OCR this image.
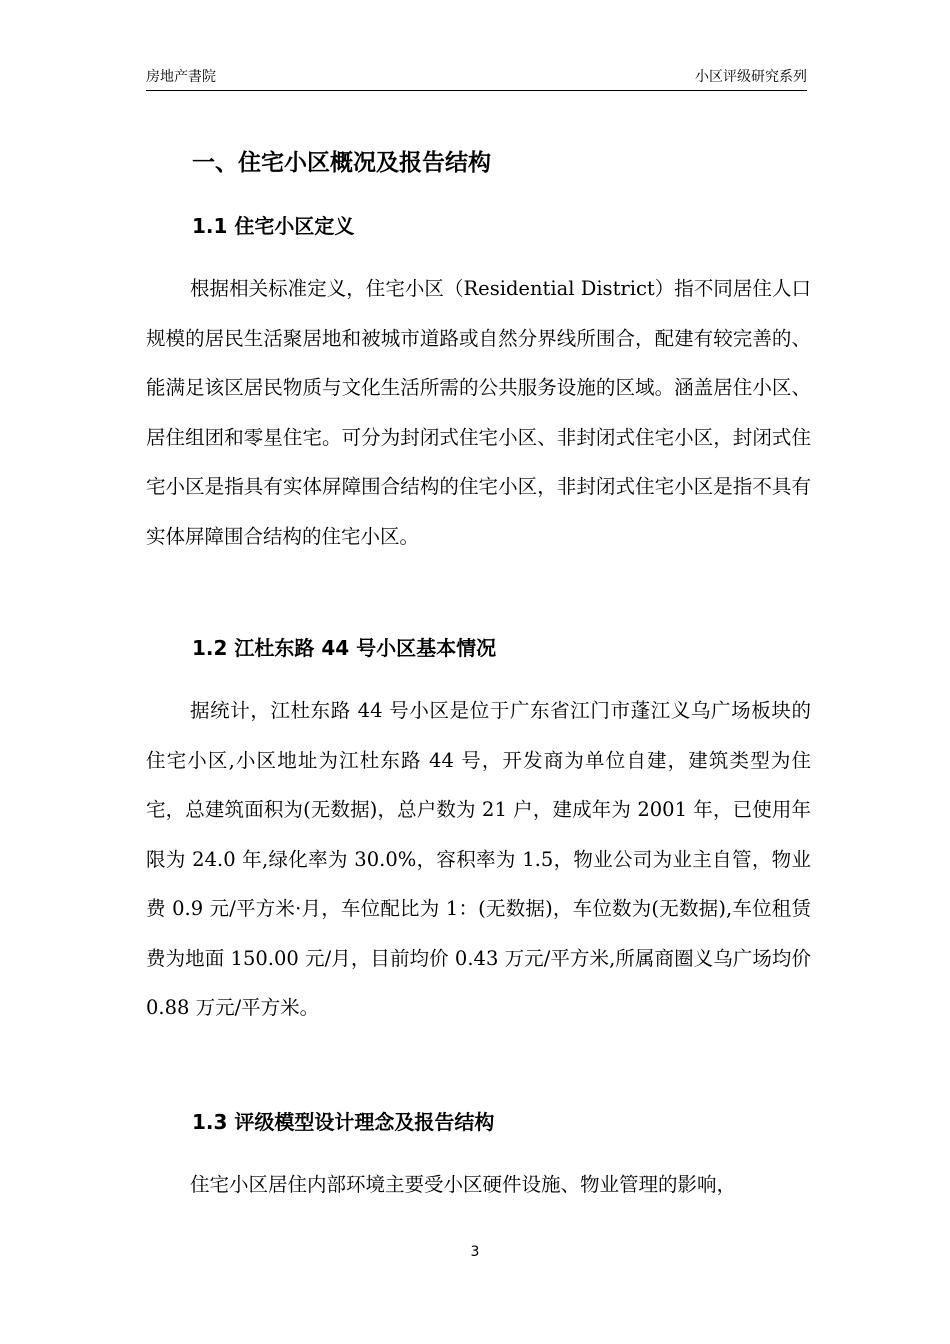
房地产書院	小区评级研究系列
一、住宅小区概况及报告结构
1.1 住宅小区定义

根据相关标准定义，住宅小区（Residential District）指不同居住人口规模的居民生活聚居地和被城市道路或自然分界线所围合，配建有较完善的、能满足该区居民物质与文化生活所需的公共服务设施的区域。涵盖居住小区、居住组团和零星住宅。可分为封闭式住宅小区、非封闭式住宅小区，封闭式住宅小区是指具有实体屏障围合结构的住宅小区，非封闭式住宅小区是指不具有实体屏障围合结构的住宅小区。

1.2 江杜东路 44 号小区基本情况

据统计，江杜东路 44 号小区是位于广东省江门市蓬江义乌广场板块的住宅小区,小区地址为江杜东路 44 号，开发商为单位自建，建筑类型为住宅，总建筑面积为(无数据)，总户数为 21 户，建成年为 2001 年，已使用年限为 24.0 年,绿化率为 30.0%，容积率为 1.5，物业公司为业主自管，物业费 0.9 元/平方米·月，车位配比为 1：(无数据)，车位数为(无数据),车位租赁费为地面 150.00 元/月，目前均价 0.43 万元/平方米,所属商圈义乌广场均价 0.88 万元/平方米。

1.3 评级模型设计理念及报告结构

住宅小区居住内部环境主要受小区硬件设施、物业管理的影响，

3
